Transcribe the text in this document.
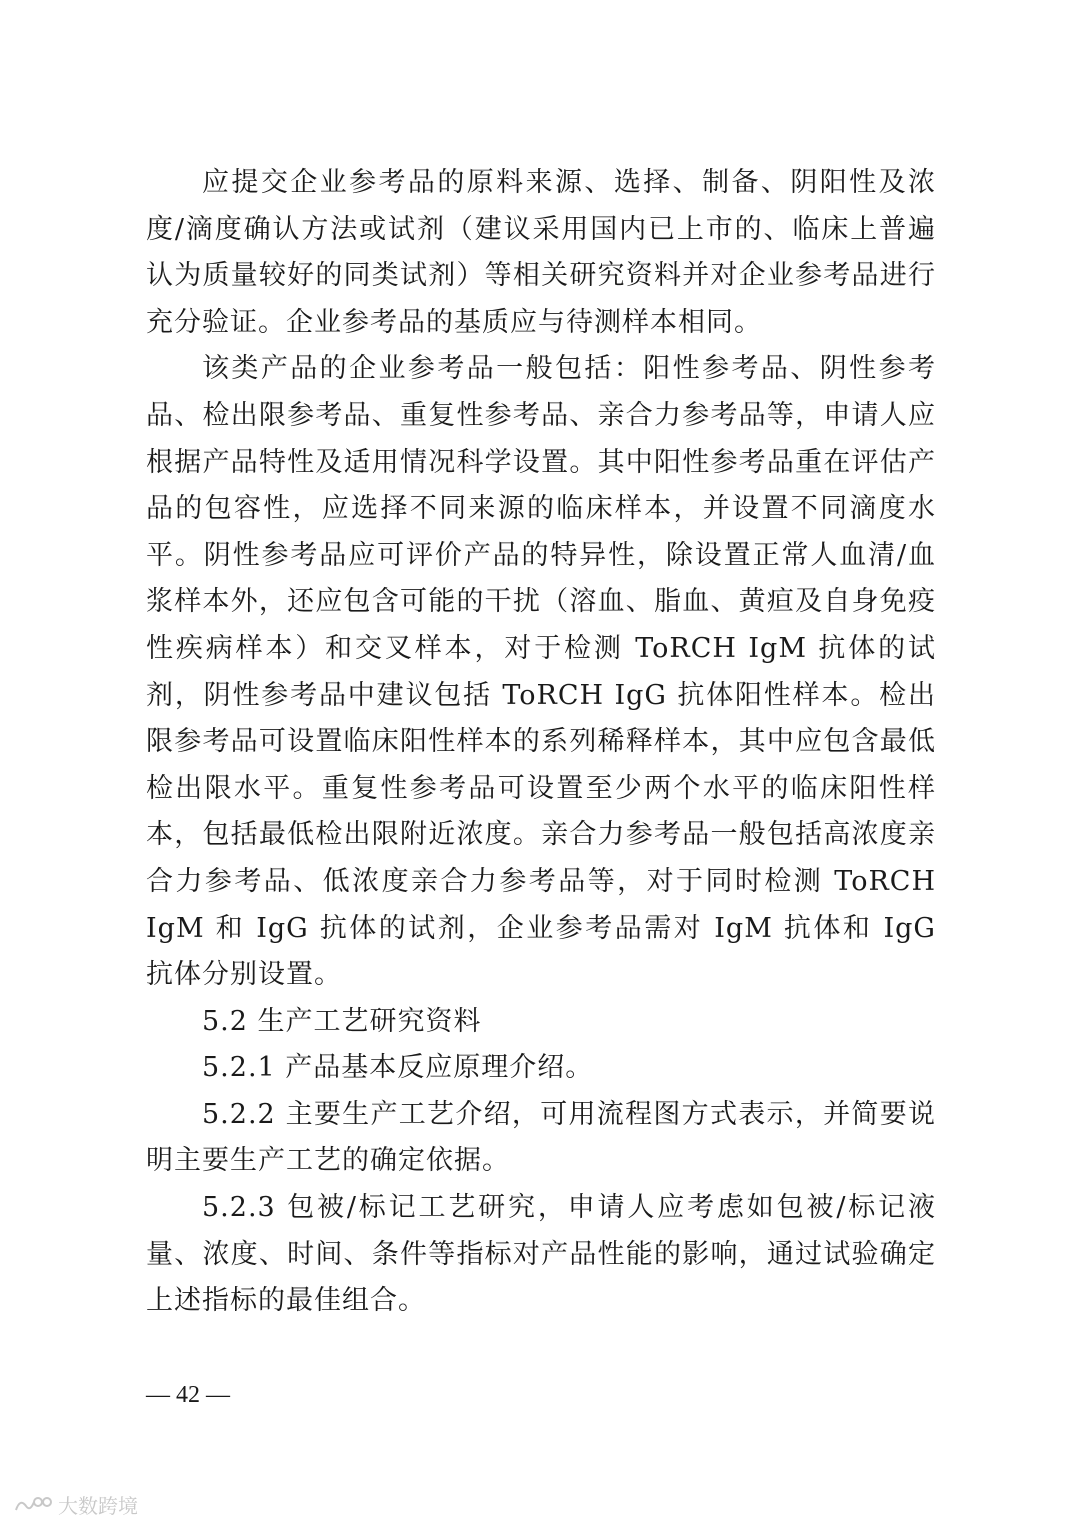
应提交企业参考品的原料来源、选择、制备、阴阳性及浓度/滴度确认方法或试剂（建议采用国内已上市的、临床上普遍认为质量较好的同类试剂）等相关研究资料并对企业参考品进行充分验证。企业参考品的基质应与待测样本相同。

该类产品的企业参考品一般包括：阳性参考品、阴性参考品、检出限参考品、重复性参考品、亲合力参考品等，申请人应根据产品特性及适用情况科学设置。其中阳性参考品重在评估产品的包容性，应选择不同来源的临床样本，并设置不同滴度水平。阴性参考品应可评价产品的特异性，除设置正常人血清/血浆样本外，还应包含可能的干扰（溶血、脂血、黄疸及自身免疫性疾病样本）和交叉样本，对于检测 ToRCH IgM 抗体的试剂，阴性参考品中建议包括 ToRCH IgG 抗体阳性样本。检出限参考品可设置临床阳性样本的系列稀释样本，其中应包含最低检出限水平。重复性参考品可设置至少两个水平的临床阳性样本，包括最低检出限附近浓度。亲合力参考品一般包括高浓度亲合力参考品、低浓度亲合力参考品等，对于同时检测 ToRCH IgM 和 IgG 抗体的试剂，企业参考品需对 IgM 抗体和 IgG 抗体分别设置。

5.2 生产工艺研究资料

5.2.1 产品基本反应原理介绍。

5.2.2 主要生产工艺介绍，可用流程图方式表示，并简要说明主要生产工艺的确定依据。

5.2.3 包被/标记工艺研究，申请人应考虑如包被/标记液量、浓度、时间、条件等指标对产品性能的影响，通过试验确定上述指标的最佳组合。

— 42 —
大数跨境
